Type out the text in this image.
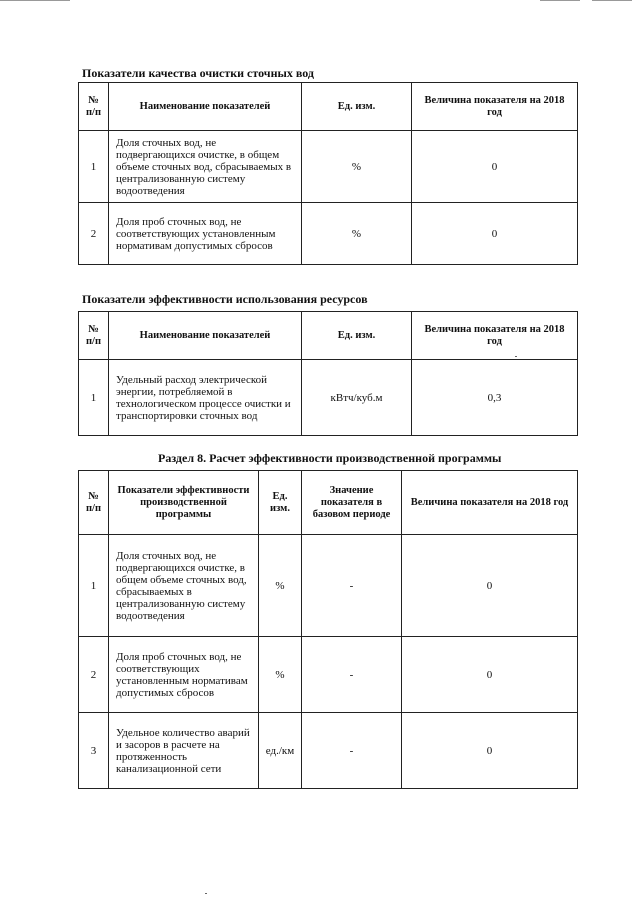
Показатели качества очистки сточных вод
№ п/п	Наименование показателей	Ед. изм.	Величина показателя на 2018 год
1	Доля сточных вод, не подвергающихся очистке, в общем объеме сточных вод, сбрасываемых в централизованную систему водоотведения	%	0
2	Доля проб сточных вод, не соответствующих установленным нормативам допустимых сбросов	%	0
Показатели эффективности использования ресурсов
№ п/п	Наименование показателей	Ед. изм.	Величина показателя на 2018 год
1	Удельный расход электрической энергии, потребляемой в технологическом процессе очистки и транспортировки сточных вод	кВтч/куб.м	0,3
Раздел 8. Расчет эффективности производственной программы
№ п/п	Показатели эффективности производственной программы	Ед. изм.	Значение показателя в базовом периоде	Величина показателя на 2018 год
1	Доля сточных вод, не подвергающихся очистке, в общем объеме сточных вод, сбрасываемых в централизованную систему водоотведения	%	-	0
2	Доля проб сточных вод, не соответствующих установленным нормативам допустимых сбросов	%	-	0
3	Удельное количество аварий и засоров в расчете на протяженность канализационной сети	ед./км	-	0
